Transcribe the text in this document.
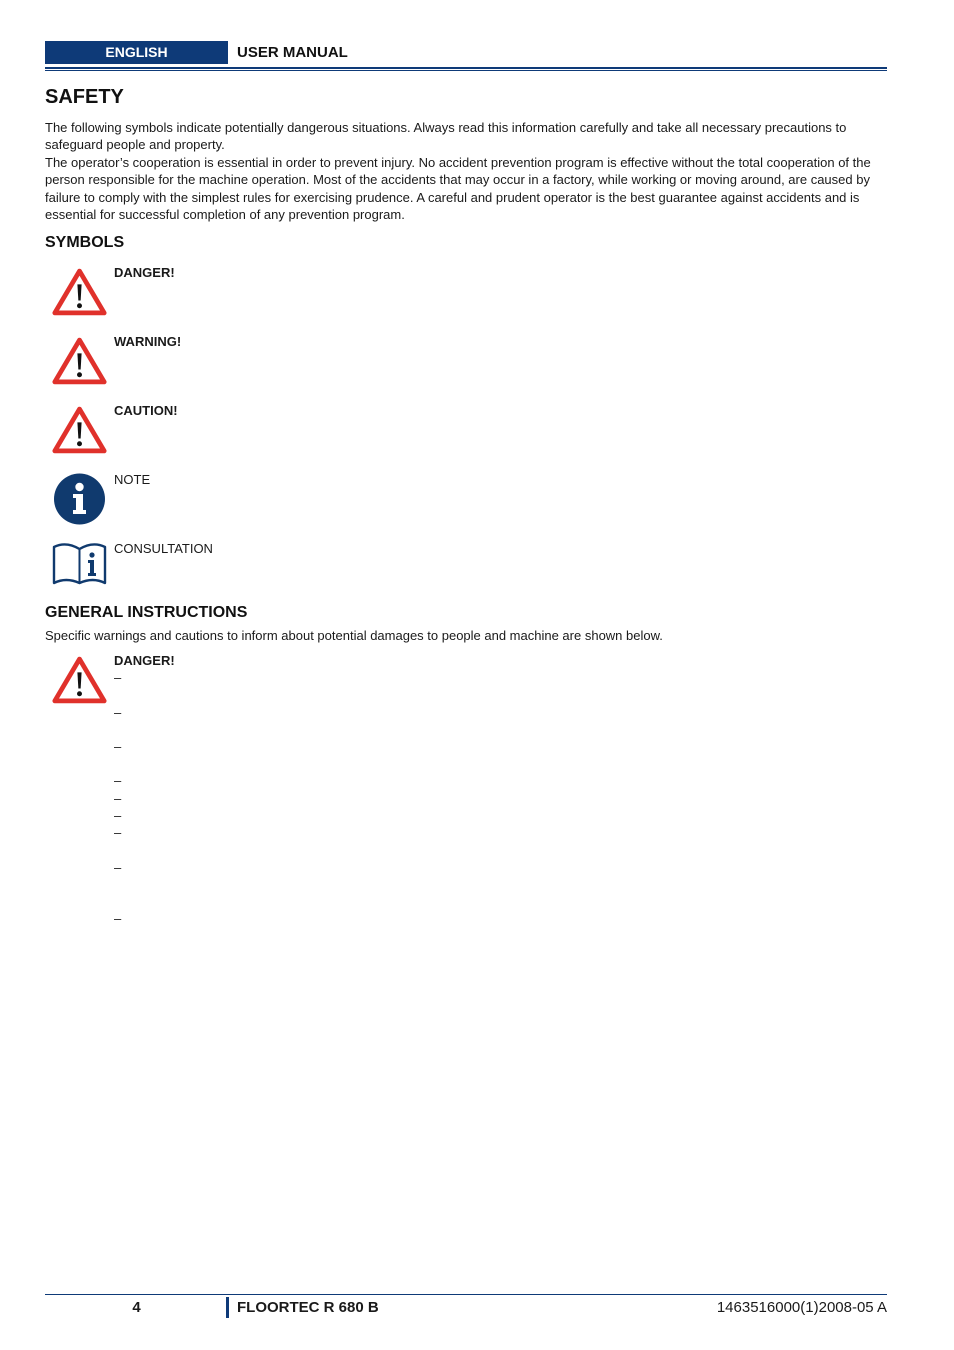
ENGLISH	USER MANUAL
SAFETY

The following symbols indicate potentially dangerous situations. Always read this information carefully and take all necessary precautions to safeguard people and property.

The operator’s cooperation is essential in order to prevent injury. No accident prevention program is effective without the total cooperation of the person responsible for the machine operation. Most of the accidents that may occur in a factory, while working or moving around, are caused by failure to comply with the simplest rules for exercising prudence. A careful and prudent operator is the best guarantee against accidents and is essential for successful completion of any prevention program.

SYMBOLS
DANGER!
WARNING!
CAUTION!
NOTE
CONSULTATION
GENERAL INSTRUCTIONS

Specific warnings and cautions to inform about potential damages to people and machine are shown below.

DANGER!
–
–
–
–
–
–
–
–
–
4	FLOORTEC R 680 B	1463516000(1)2008-05 A
